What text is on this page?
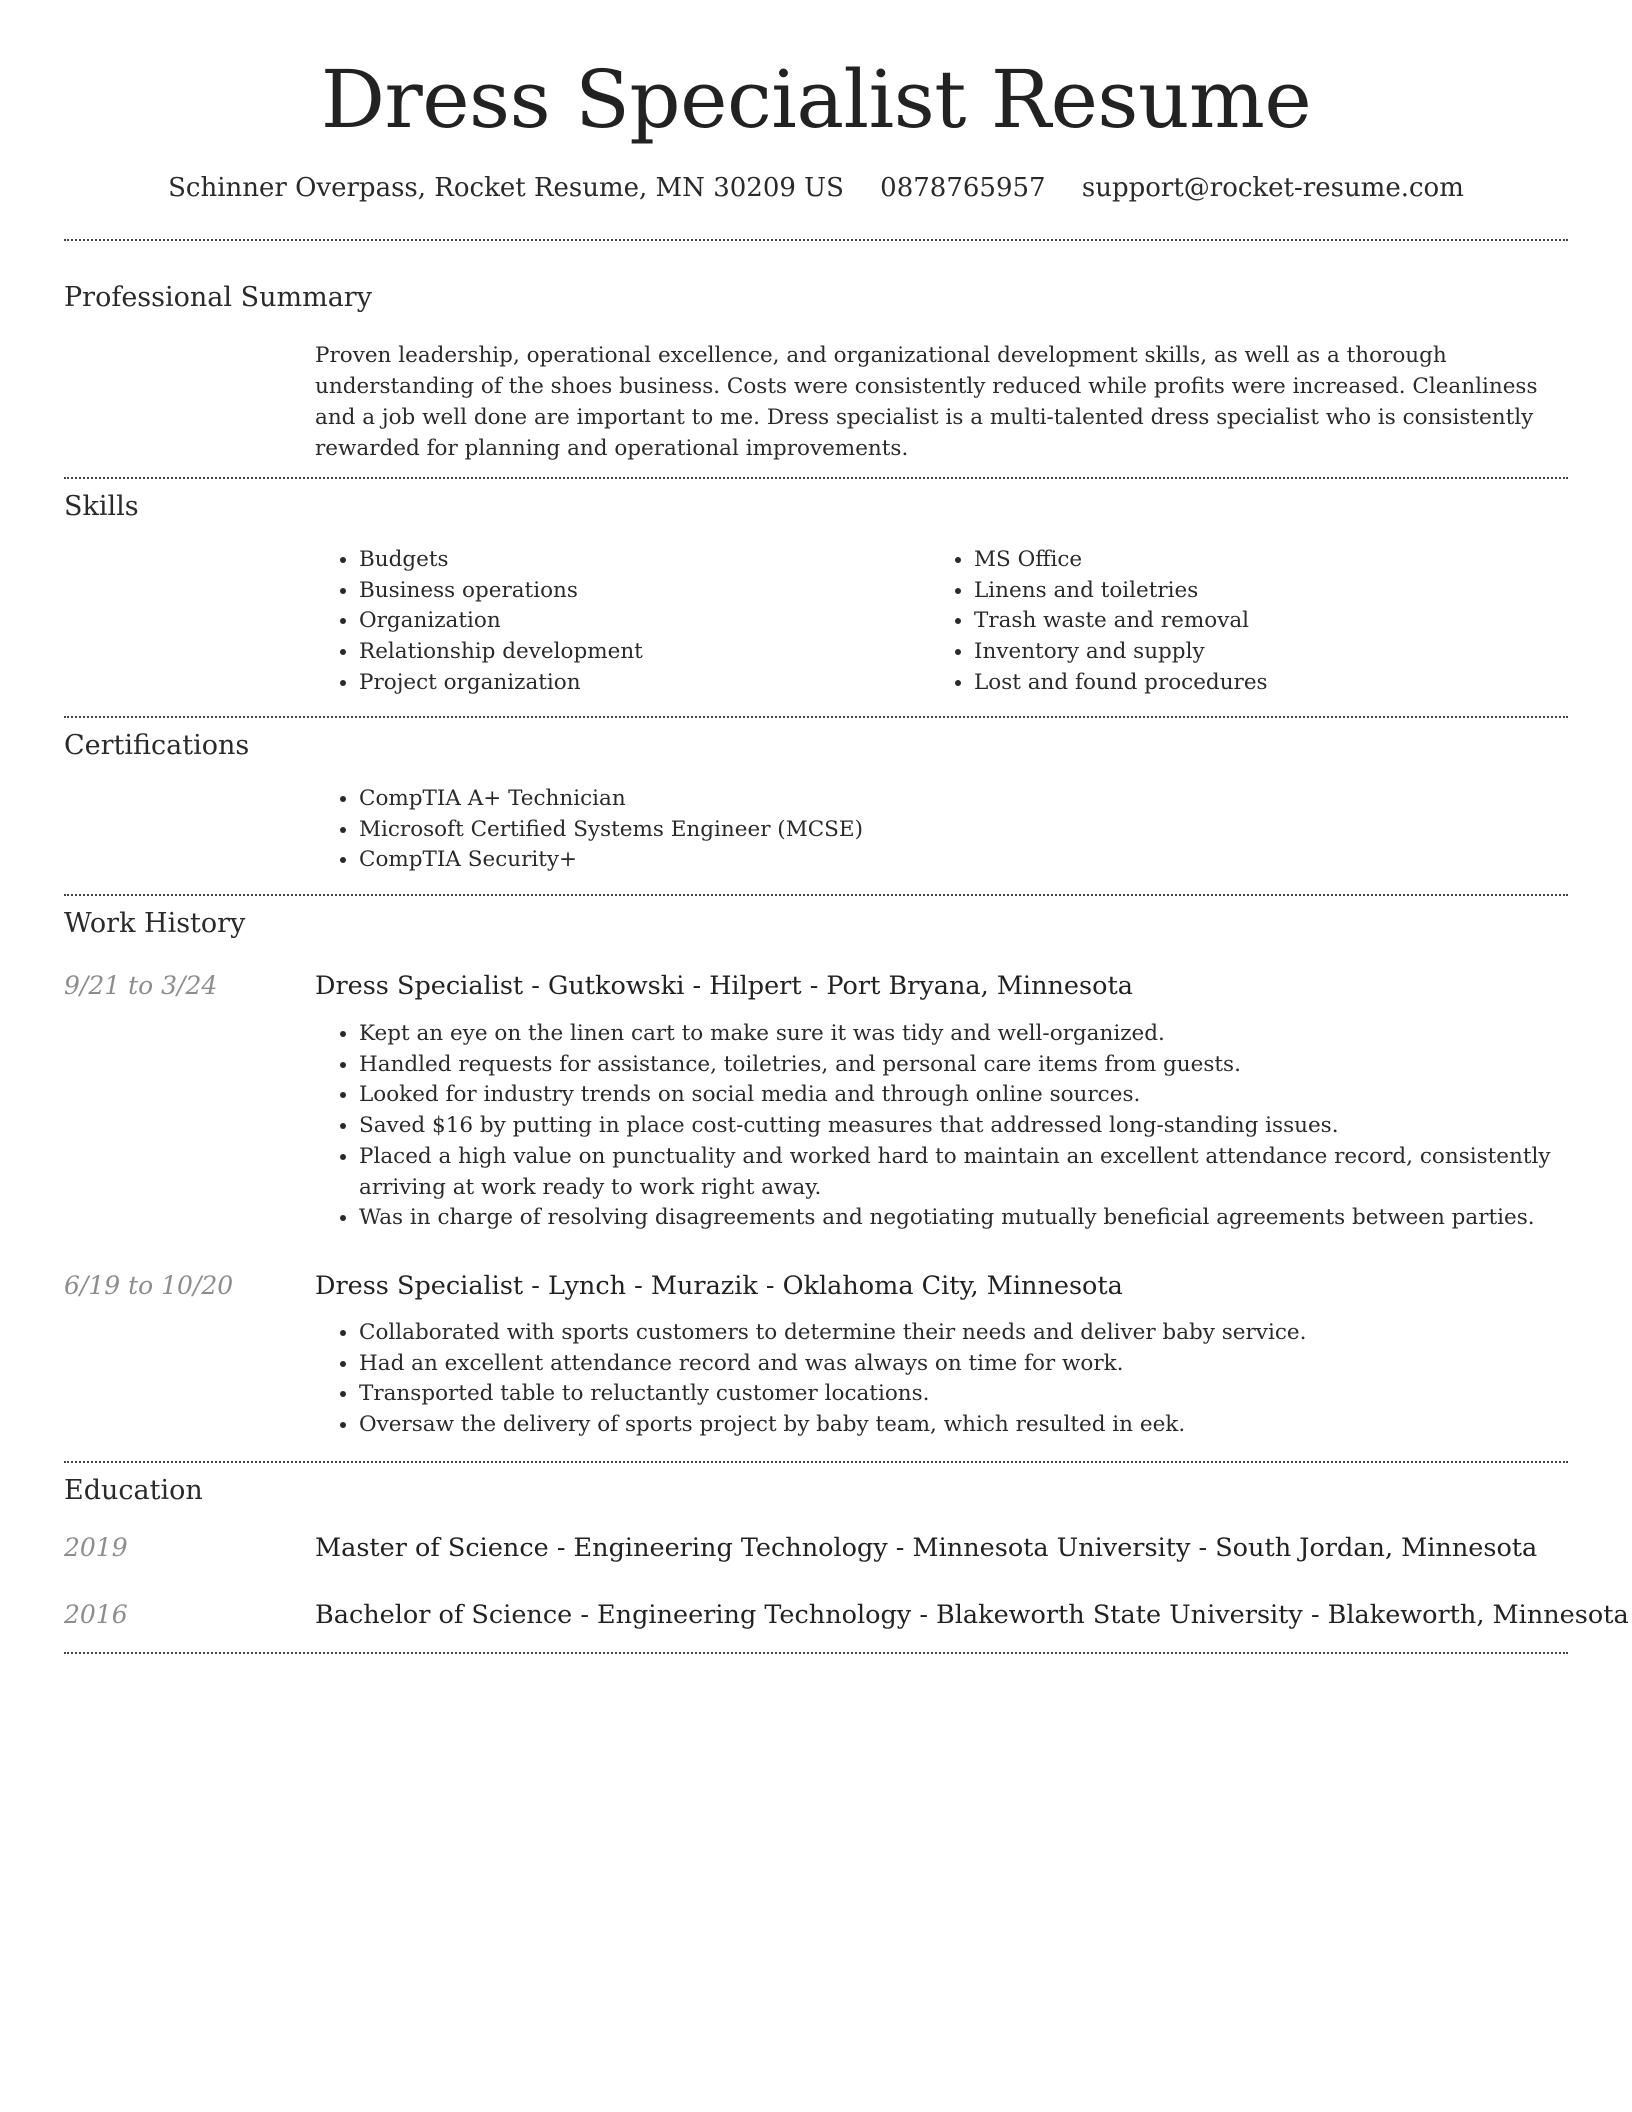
Dress Specialist Resume
Schinner Overpass, Rocket Resume, MN 30209 US 0878765957 support@rocket-resume.com
Professional Summary

Proven leadership, operational excellence, and organizational development skills, as well as a thorough understanding of the shoes business. Costs were consistently reduced while profits were increased. Cleanliness and a job well done are important to me. Dress specialist is a multi-talented dress specialist who is consistently rewarded for planning and operational improvements.

Skills
• Budgets
• Business operations
• Organization
• Relationship development
• Project organization
• MS Office
• Linens and toiletries
• Trash waste and removal
• Inventory and supply
• Lost and found procedures
Certifications
• CompTIA A+ Technician
• Microsoft Certified Systems Engineer (MCSE)
• CompTIA Security+
Work History
9/21 to 3/24	Dress Specialist - Gutkowski - Hilpert - Port Bryana, Minnesota
• Kept an eye on the linen cart to make sure it was tidy and well-organized.
• Handled requests for assistance, toiletries, and personal care items from guests.
• Looked for industry trends on social media and through online sources.
• Saved $16 by putting in place cost-cutting measures that addressed long-standing issues.
• Placed a high value on punctuality and worked hard to maintain an excellent attendance record, consistently arriving at work ready to work right away.
• Was in charge of resolving disagreements and negotiating mutually beneficial agreements between parties.
6/19 to 10/20	Dress Specialist - Lynch - Murazik - Oklahoma City, Minnesota
• Collaborated with sports customers to determine their needs and deliver baby service.
• Had an excellent attendance record and was always on time for work.
• Transported table to reluctantly customer locations.
• Oversaw the delivery of sports project by baby team, which resulted in eek.
Education
2019	Master of Science - Engineering Technology - Minnesota University - South Jordan, Minnesota
2016	Bachelor of Science - Engineering Technology - Blakeworth State University - Blakeworth, Minnesota
